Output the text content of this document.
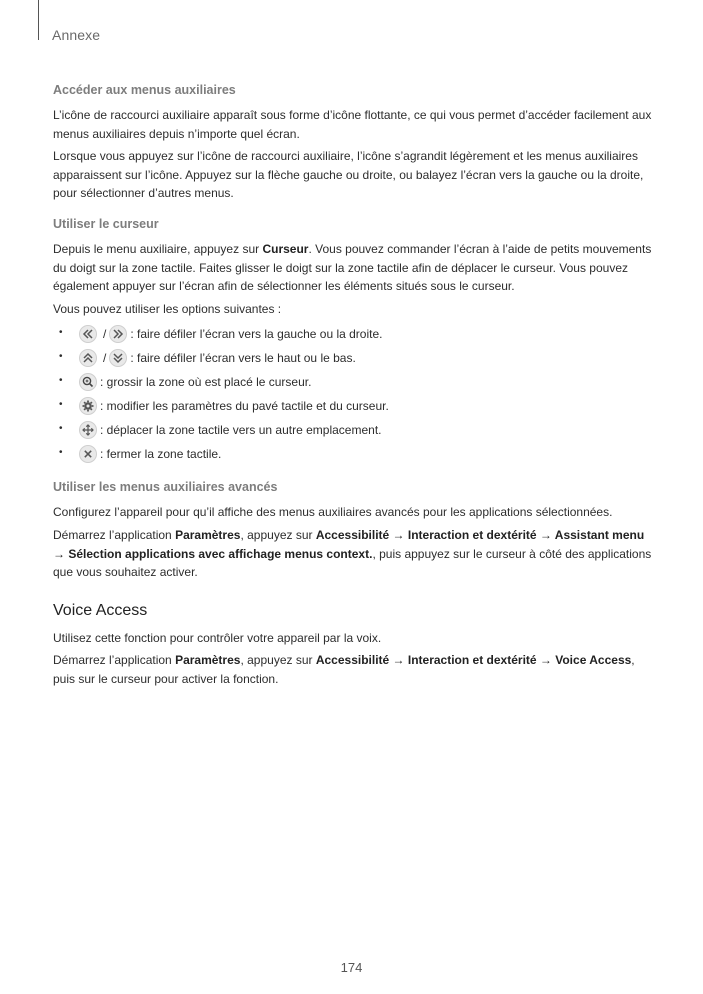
Annexe
Accéder aux menus auxiliaires

L’icône de raccourci auxiliaire apparaît sous forme d’icône flottante, ce qui vous permet d’accéder facilement aux menus auxiliaires depuis n’importe quel écran.

Lorsque vous appuyez sur l’icône de raccourci auxiliaire, l’icône s’agrandit légèrement et les menus auxiliaires apparaissent sur l’icône. Appuyez sur la flèche gauche ou droite, ou balayez l’écran vers la gauche ou la droite, pour sélectionner d’autres menus.

Utiliser le curseur

Depuis le menu auxiliaire, appuyez sur Curseur. Vous pouvez commander l’écran à l’aide de petits mouvements du doigt sur la zone tactile. Faites glisser le doigt sur la zone tactile afin de déplacer le curseur. Vous pouvez également appuyer sur l’écran afin de sélectionner les éléments situés sous le curseur.

Vous pouvez utiliser les options suivantes :

•	/ : faire défiler l’écran vers la gauche ou la droite.
•	/ : faire défiler l’écran vers le haut ou le bas.
•	: grossir la zone où est placé le curseur.
•	: modifier les paramètres du pavé tactile et du curseur.
•	: déplacer la zone tactile vers un autre emplacement.
•	: fermer la zone tactile.
Utiliser les menus auxiliaires avancés

Configurez l’appareil pour qu’il affiche des menus auxiliaires avancés pour les applications sélectionnées.

Démarrez l’application Paramètres, appuyez sur Accessibilité → Interaction et dextérité → Assistant menu → Sélection applications avec affichage menus context., puis appuyez sur le curseur à côté des applications que vous souhaitez activer.

Voice Access

Utilisez cette fonction pour contrôler votre appareil par la voix.

Démarrez l’application Paramètres, appuyez sur Accessibilité → Interaction et dextérité → Voice Access, puis sur le curseur pour activer la fonction.

174
